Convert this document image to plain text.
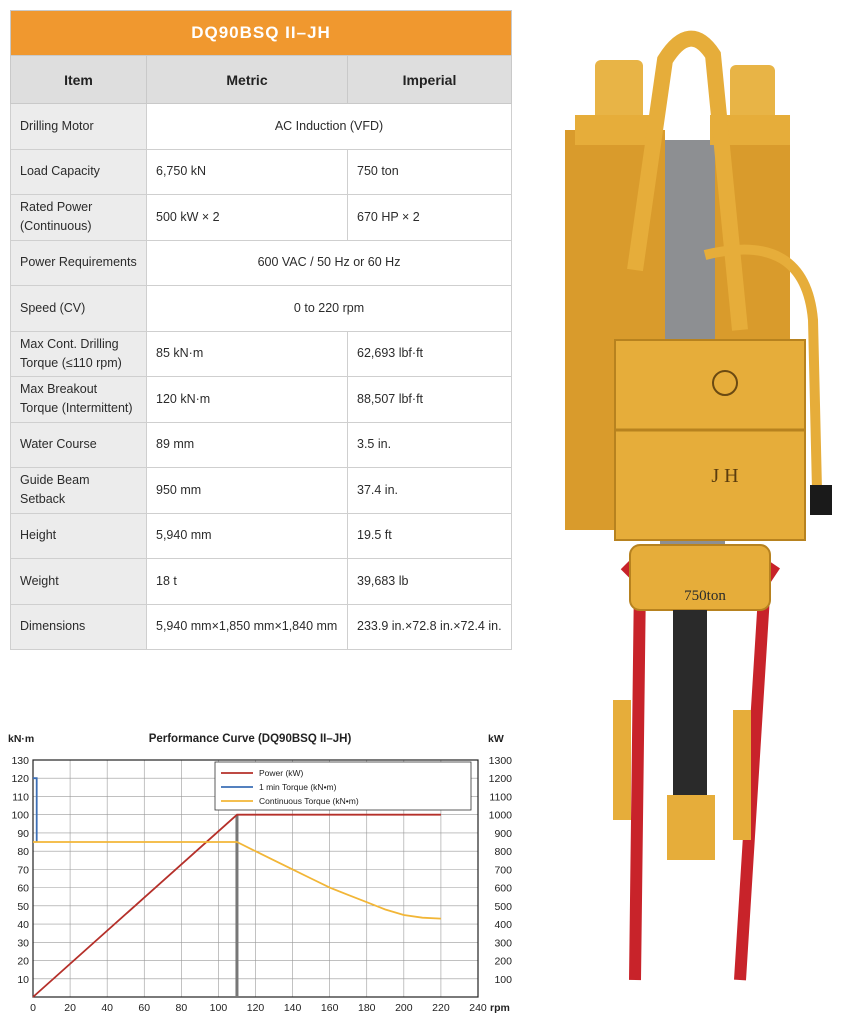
DQ90BSQ II–JH		
Item	Metric	Imperial
Drilling Motor	AC Induction (VFD)	
Load Capacity	6,750 kN	750 ton
Rated Power (Continuous)	500 kW × 2	670 HP × 2
Power Requirements	600 VAC / 50 Hz or 60 Hz	
Speed (CV)	0 to 220 rpm	
Max Cont. Drilling Torque (≤110 rpm)	85 kN·m	62,693 lbf·ft
Max Breakout Torque (Intermittent)	120 kN·m	88,507 lbf·ft
Water Course	89 mm	3.5 in.
Guide Beam Setback	950 mm	37.4 in.
Height	5,940 mm	19.5 ft
Weight	18 t	39,683 lb
Dimensions	5,940 mm×1,850 mm×1,840 mm	233.9 in.×72.8 in.×72.4 in.
0	20 40 60 80 100 120 140 160 180 200 220 240
10
20
30
40
50
60
70
80
90
100
110
120
130
100
200
300
400
500
600
700
800
900
1000
1100
1200
1300
Performance Curve (DQ90BSQ II–JH)
kN·m	kW
rpm
Power (kW)
1 min Torque (kN•m)
Continuous Torque (kN•m)
J H
750ton
